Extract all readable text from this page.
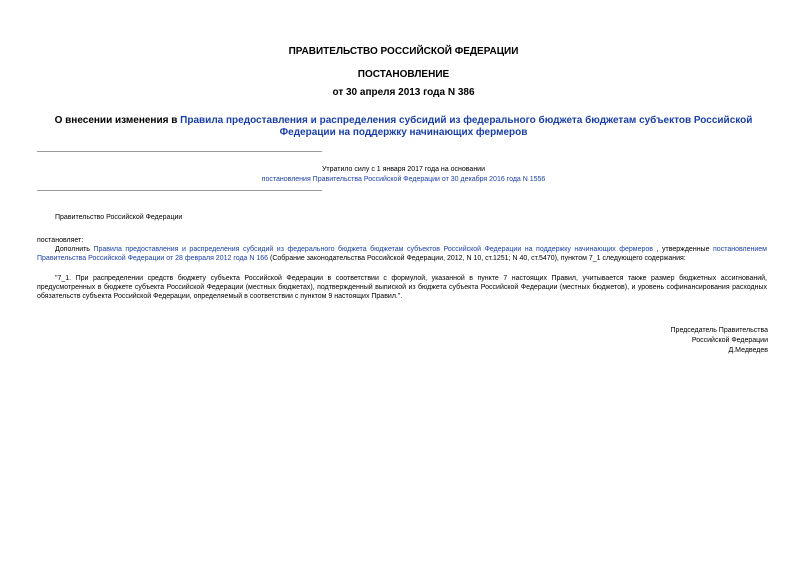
ПРАВИТЕЛЬСТВО РОССИЙСКОЙ ФЕДЕРАЦИИ
ПОСТАНОВЛЕНИЕ
от 30 апреля 2013 года N 386
О внесении изменения в Правила предоставления и распределения субсидий из федерального бюджета бюджетам субъектов Российской Федерации на поддержку начинающих фермеров
Утратило силу с 1 января 2017 года на основании
постановления Правительства Российской Федерации от 30 декабря 2016 года N 1556
Правительство Российской Федерации
постановляет:
Дополнить Правила предоставления и распределения субсидий из федерального бюджета бюджетам субъектов Российской Федерации на поддержку начинающих фермеров , утвержденные постановлением Правительства Российской Федерации от 28 февраля 2012 года N 166 (Собрание законодательства Российской Федерации, 2012, N 10, ст.1251; N 40, ст.5470), пунктом 7_1 следующего содержания:
"7_1. При распределении средств бюджету субъекта Российской Федерации в соответствии с формулой, указанной в пункте 7 настоящих Правил, учитывается также размер бюджетных ассигнований, предусмотренных в бюджете субъекта Российской Федерации (местных бюджетах), подтвержденный выпиской из бюджета субъекта Российской Федерации (местных бюджетов), и уровень софинансирования расходных обязательств субъекта Российской Федерации, определяемый в соответствии с пунктом 9 настоящих Правил.".
Председатель Правительства
Российской Федерации
Д.Медведев
